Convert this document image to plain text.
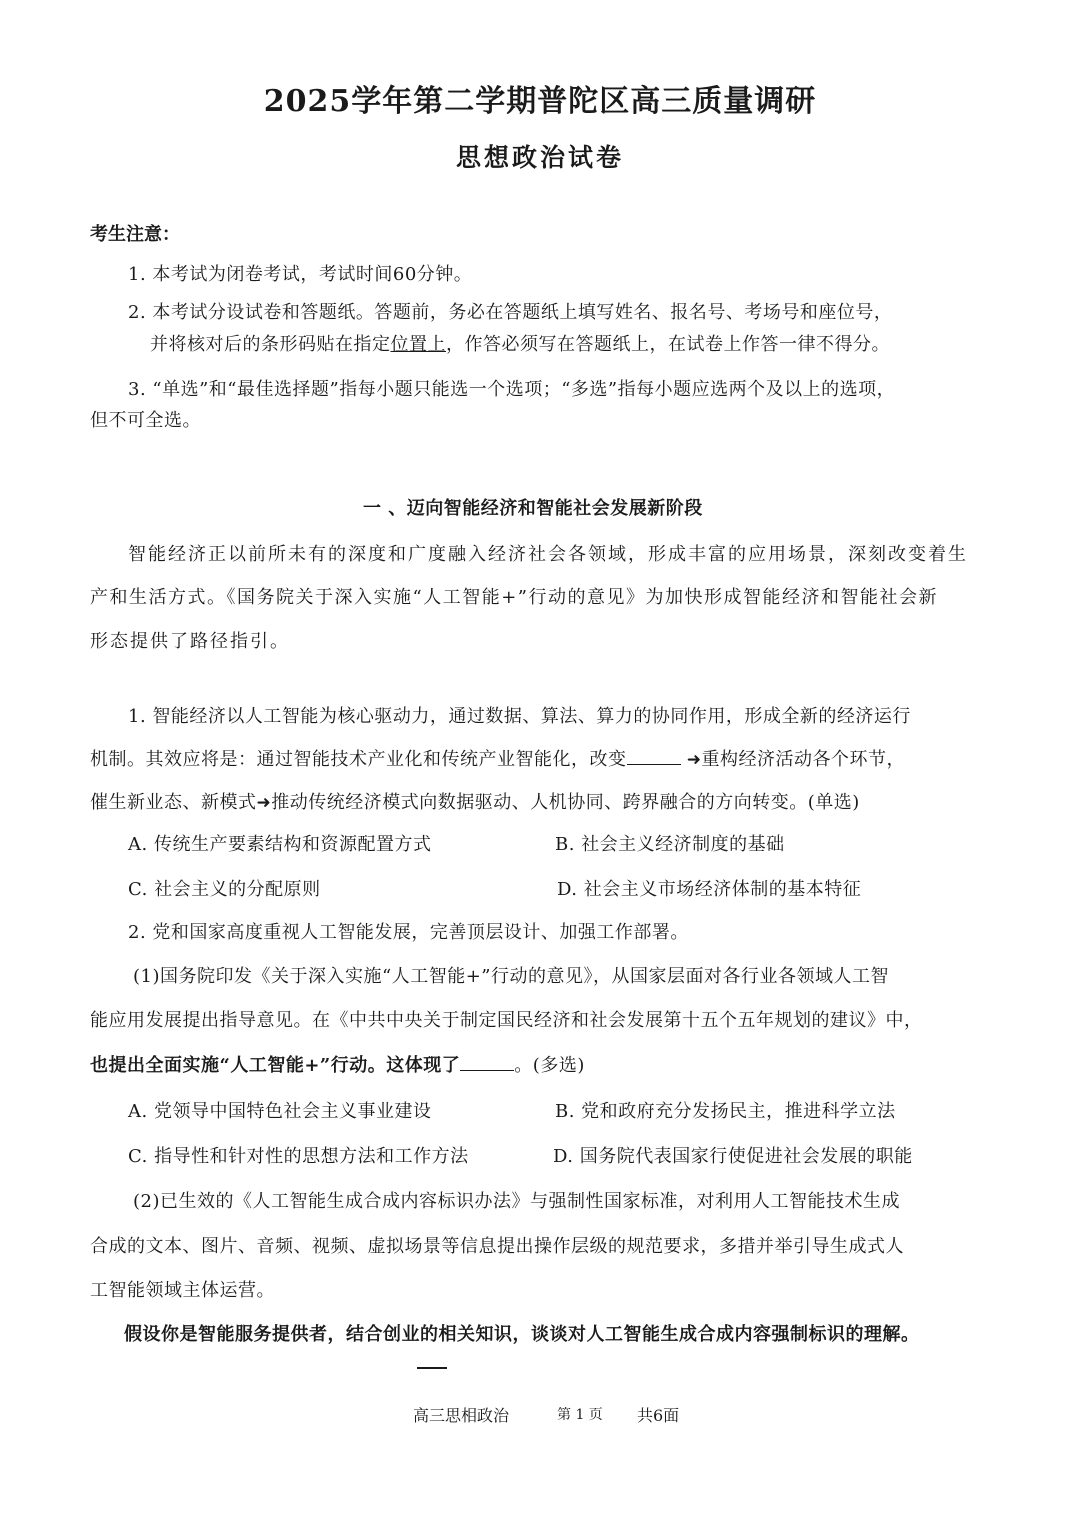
2025学年第二学期普陀区高三质量调研
思想政治试卷
考生注意：
1. 本考试为闭卷考试，考试时间60分钟。
2. 本考试分设试卷和答题纸。答题前，务必在答题纸上填写姓名、报名号、考场号和座位号，
并将核对后的条形码贴在指定位置上，作答必须写在答题纸上，在试卷上作答一律不得分。
3. “单选”和“最佳选择题”指每小题只能选一个选项；“多选”指每小题应选两个及以上的选项，
但不可全选。
一 、迈向智能经济和智能社会发展新阶段
智能经济正以前所未有的深度和广度融入经济社会各领域，形成丰富的应用场景，深刻改变着生
产和生活方式。《国务院关于深入实施“人工智能+”行动的意见》为加快形成智能经济和智能社会新
形态提供了路径指引。
1. 智能经济以人工智能为核心驱动力，通过数据、算法、算力的协同作用，形成全新的经济运行
机制。其效应将是：通过智能技术产业化和传统产业智能化，改变	➜重构经济活动各个环节，
催生新业态、新模式➜推动传统经济模式向数据驱动、人机协同、跨界融合的方向转变。(单选)
A. 传统生产要素结构和资源配置方式	B. 社会主义经济制度的基础
C. 社会主义的分配原则	D. 社会主义市场经济体制的基本特征
2. 党和国家高度重视人工智能发展，完善顶层设计、加强工作部署。
(1)国务院印发《关于深入实施“人工智能+”行动的意见》，从国家层面对各行业各领域人工智
能应用发展提出指导意见。在《中共中央关于制定国民经济和社会发展第十五个五年规划的建议》中，
也提出全面实施“人工智能+”行动。这体现了	。(多选)
A. 党领导中国特色社会主义事业建设	B. 党和政府充分发扬民主，推进科学立法
C. 指导性和针对性的思想方法和工作方法	D. 国务院代表国家行使促进社会发展的职能
(2)已生效的《人工智能生成合成内容标识办法》与强制性国家标准，对利用人工智能技术生成
合成的文本、图片、音频、视频、虚拟场景等信息提出操作层级的规范要求，多措并举引导生成式人
工智能领域主体运营。
假设你是智能服务提供者，结合创业的相关知识，谈谈对人工智能生成合成内容强制标识的理解。
高三思相政治	第 1 页 共6面
